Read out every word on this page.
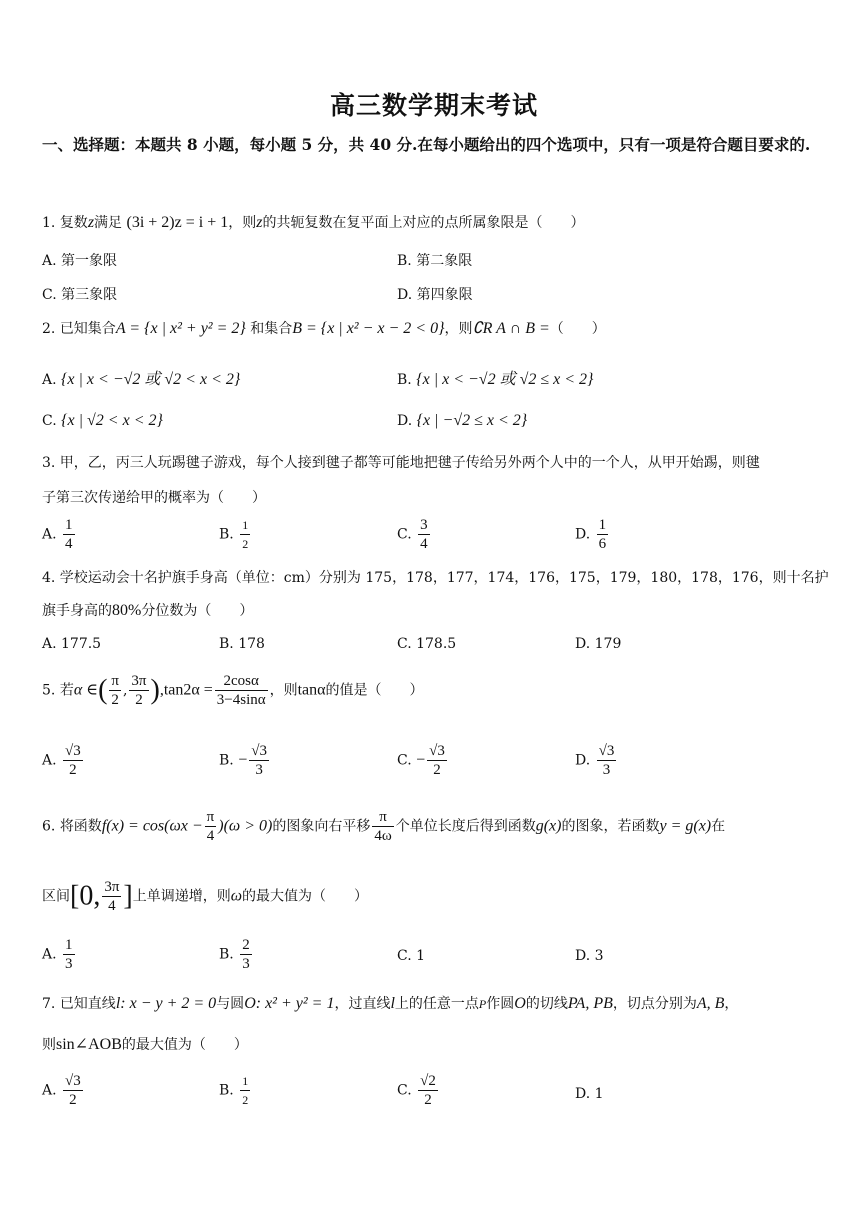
高三数学期末考试
一、选择题：本题共 8 小题，每小题 5 分，共 40 分.在每小题给出的四个选项中，只有一项是符合题目要求的.
1. 复数z满足 (3i + 2)z = i + 1，则z的共轭复数在复平面上对应的点所属象限是（　　）
A. 第一象限	B. 第二象限
C. 第三象限	D. 第四象限
2. 已知集合A = {x | x² + y² = 2} 和集合B = {x | x² − x − 2 < 0}，则∁R A ∩ B =（　　）
A. {x | x < −√2 或 √2 < x < 2}	B. {x | x < −√2 或 √2 ≤ x < 2}
C. {x | √2 < x < 2}	D. {x | −√2 ≤ x < 2}
3. 甲，乙，丙三人玩踢毽子游戏，每个人接到毽子都等可能地把毽子传给另外两个人中的一个人，从甲开始踢，则毽
子第三次传递给甲的概率为（　　）
A. $\frac{1}{4}$	B. $\frac{1}{2}$	C. $\frac{3}{4}$	D. $\frac{1}{6}$
4. 学校运动会十名护旗手身高（单位：cm）分别为 175，178，177，174，176，175，179，180，178，176，则十名护
旗手身高的80%分位数为（　　）
A. 177.5	B. 178	C. 178.5	D. 179
5. 若α ∈( $\frac{\pi}{2}$ , $\frac{3\pi}{2} ),\tan 2\alpha = \frac{2\cos\alpha}{3-4\sin\alpha}$ ，则tanα的值是（　　）
A. $\frac{√3}{2}$	B. − $\frac{√3}{3}$	C. − $\frac{√3}{2}$	D. $\frac{√3}{3}$
6. 将函数$f(x) = \cos(\omega x - \frac{\pi}{4} )(\omega > 0)$的图象向右平移 $\frac{\pi}{4\omega}$ 个单位长度后得到函数g(x)的图象，若函数y = g(x)在
区间[0, $\frac{3\pi}{4}$ ]上单调递增，则ω的最大值为（　　）
A. $\frac{1}{3}$	B. $\frac{2}{3}$	C. 1	D. 3
7. 已知直线l: x − y + 2 = 0与圆O: x² + y² = 1，过直线l上的任意一点P作圆O的切线PA, PB，切点分别为A, B，
则sin∠AOB的最大值为（　　）
A. $\frac{√3}{2}$	B. $\frac{1}{2}$	C. $\frac{√2}{2}$	D. 1
